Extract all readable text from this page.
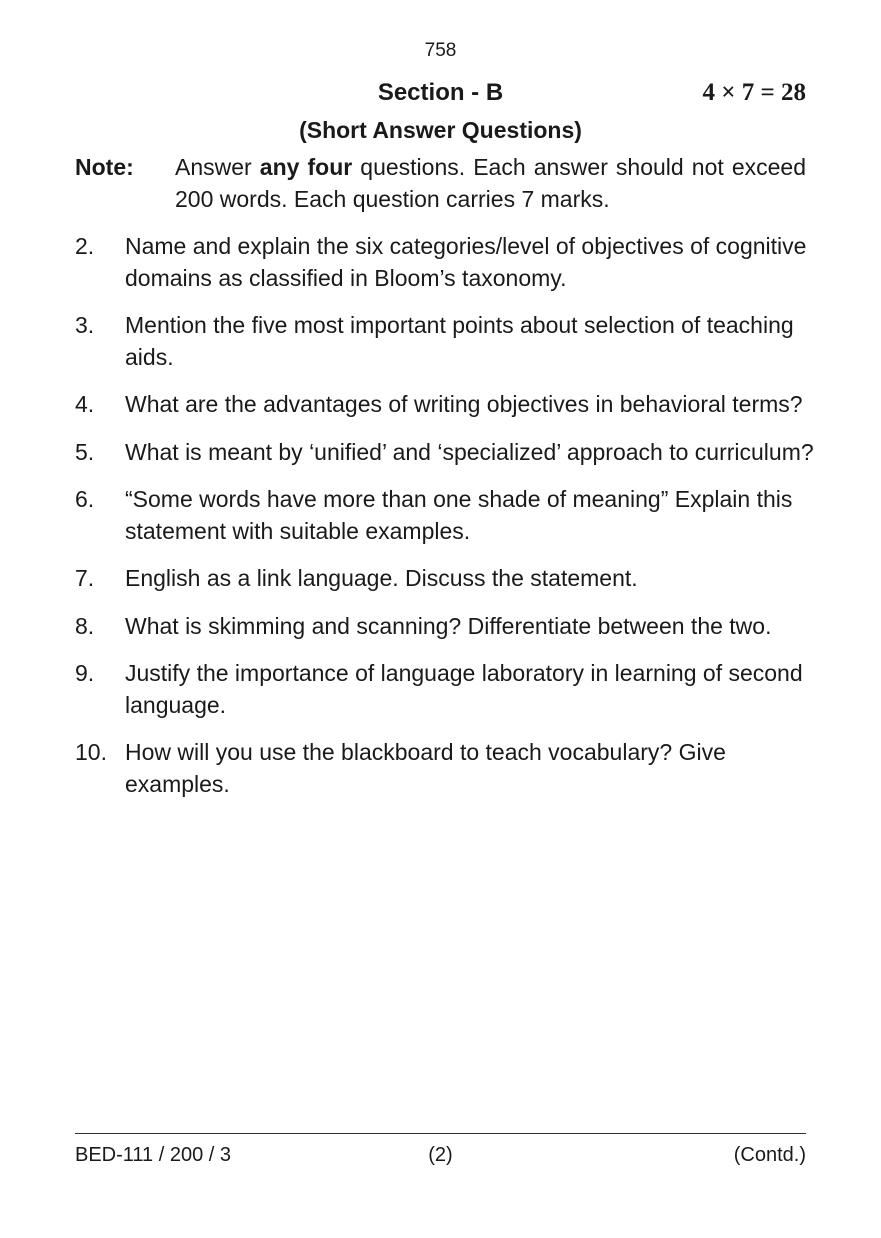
758
Section - B	4 × 7 = 28
(Short Answer Questions)
Note: Answer any four questions. Each answer should not exceed 200 words. Each question carries 7 marks.
2. Name and explain the six categories/level of objectives of cognitive domains as classified in Bloom’s taxonomy.
3. Mention the five most important points about selection of teaching aids.
4. What are the advantages of writing objectives in behavioral terms?
5. What is meant by ‘unified’ and ‘specialized’ approach to curriculum?
6. “Some words have more than one shade of meaning” Explain this statement with suitable examples.
7. English as a link language. Discuss the statement.
8. What is skimming and scanning? Differentiate between the two.
9. Justify the importance of language laboratory in learning of second language.
10. How will you use the blackboard to teach vocabulary? Give examples.
BED-111 / 200 / 3	(2)	(Contd.)
